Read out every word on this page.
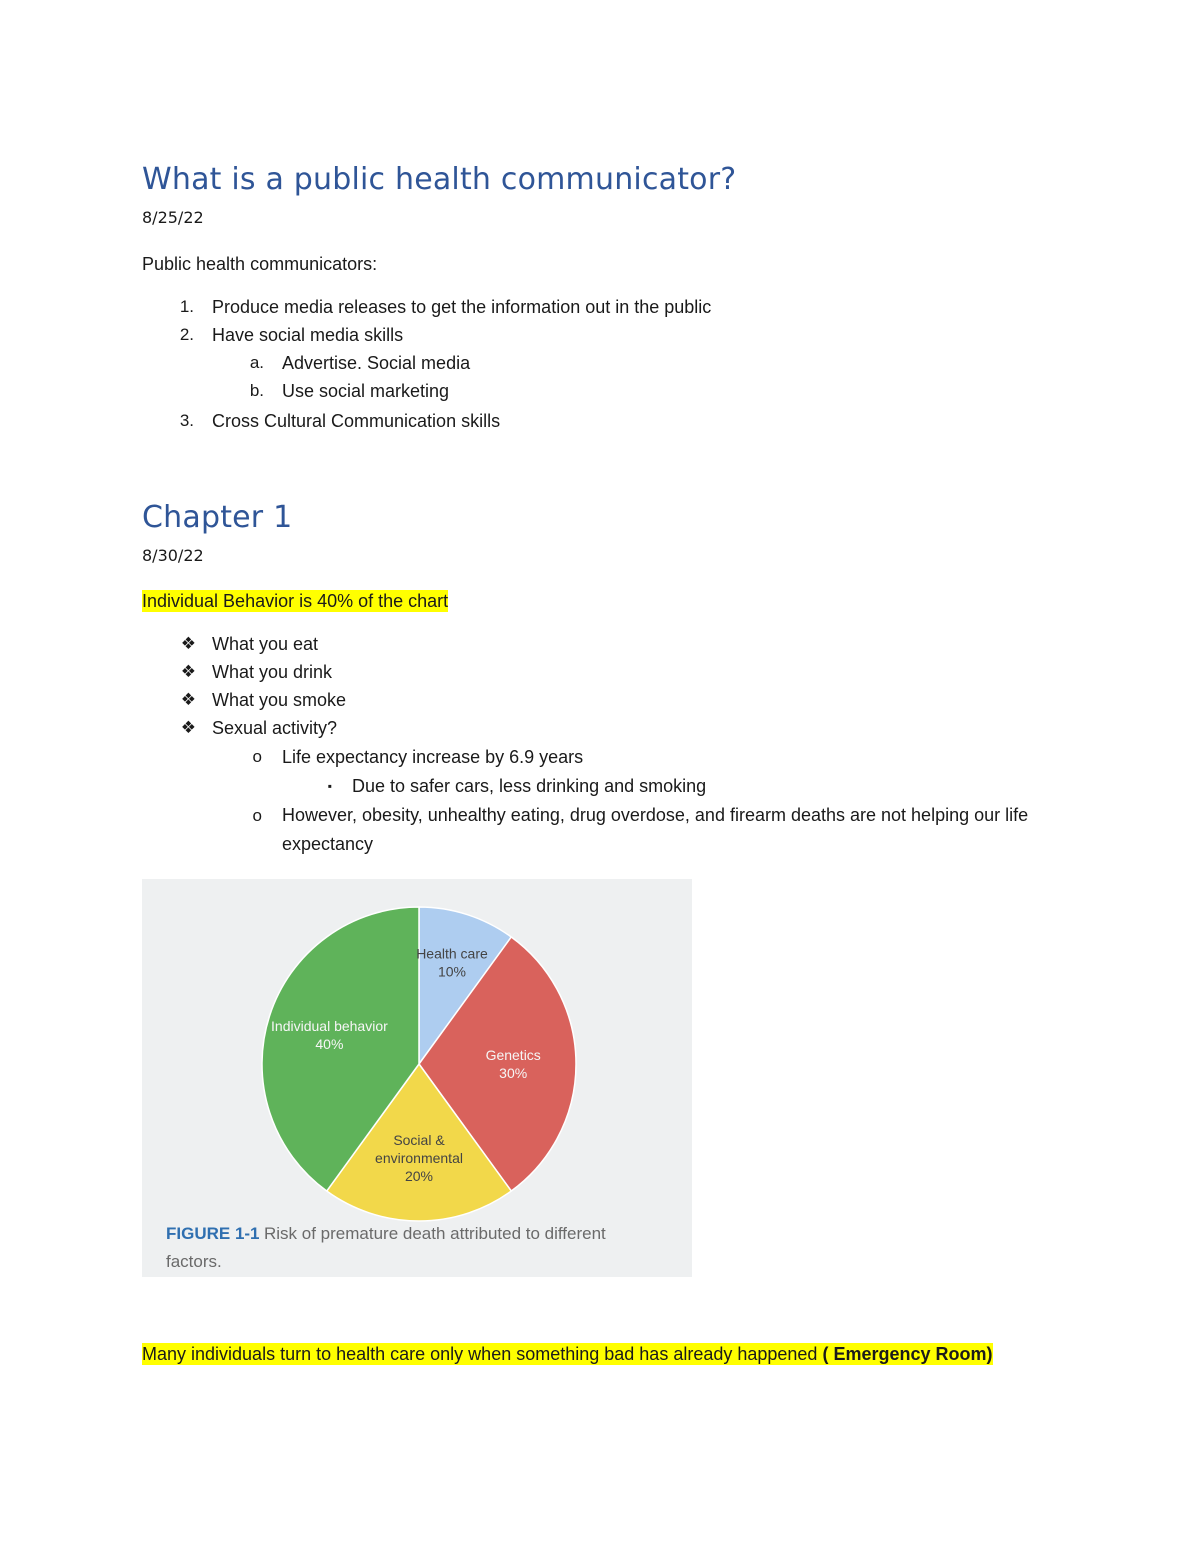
What is a public health communicator?
8/25/22
Public health communicators:
1. Produce media releases to get the information out in the public
2. Have social media skills
a. Advertise. Social media
b. Use social marketing
3. Cross Cultural Communication skills
Chapter 1
8/30/22
Individual Behavior is 40% of the chart
❖ What you eat
❖ What you drink
❖ What you smoke
❖ Sexual activity?
o Life expectancy increase by 6.9 years
▪ Due to safer cars, less drinking and smoking
o However, obesity, unhealthy eating, drug overdose, and firearm deaths are not helping our life expectancy
Health care
10%
Genetics
30%
Social &
environmental
20%
Individual behavior
40%
FIGURE 1-1 Risk of premature death attributed to different
factors.
Many individuals turn to health care only when something bad has already happened ( Emergency Room)
